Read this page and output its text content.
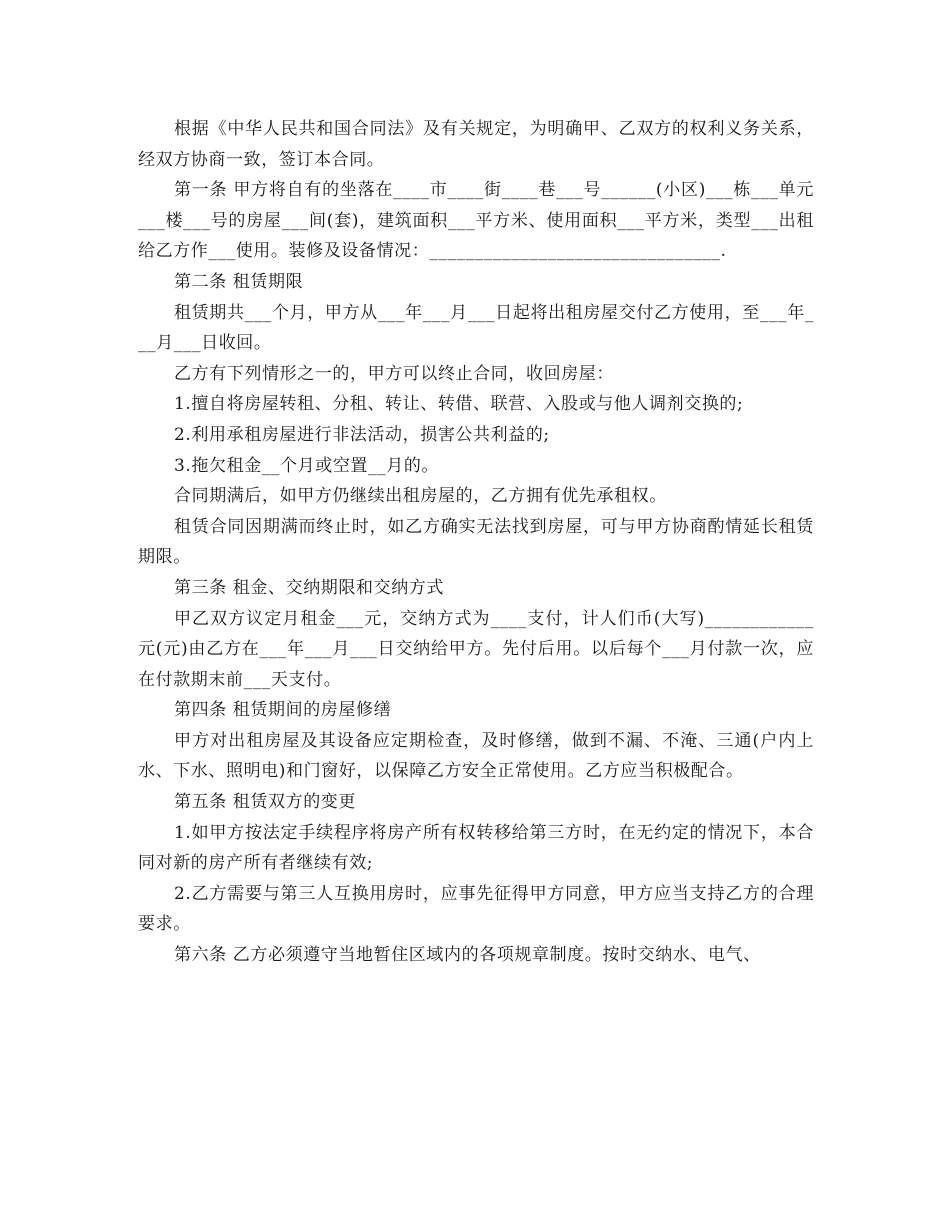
根据《中华人民共和国合同法》及有关规定，为明确甲、乙双方的权利义务关系，经双方协商一致，签订本合同。

第一条 甲方将自有的坐落在____市____街____巷___号______(小区)___栋___单元___楼___号的房屋___间(套)，建筑面积___平方米、使用面积___平方米，类型___出租给乙方作___使用。装修及设备情况：________________________________.

第二条 租赁期限

租赁期共___个月，甲方从___年___月___日起将出租房屋交付乙方使用，至___年___月___日收回。

乙方有下列情形之一的，甲方可以终止合同，收回房屋：

1.擅自将房屋转租、分租、转让、转借、联营、入股或与他人调剂交换的;

2.利用承租房屋进行非法活动，损害公共利益的;

3.拖欠租金__个月或空置__月的。

合同期满后，如甲方仍继续出租房屋的，乙方拥有优先承租权。

租赁合同因期满而终止时，如乙方确实无法找到房屋，可与甲方协商酌情延长租赁期限。

第三条 租金、交纳期限和交纳方式

甲乙双方议定月租金___元，交纳方式为____支付，计人们币(大写)____________元(元)由乙方在___年___月___日交纳给甲方。先付后用。以后每个___月付款一次，应在付款期末前___天支付。

第四条 租赁期间的房屋修缮

甲方对出租房屋及其设备应定期检查，及时修缮，做到不漏、不淹、三通(户内上水、下水、照明电)和门窗好，以保障乙方安全正常使用。乙方应当积极配合。

第五条 租赁双方的变更

1.如甲方按法定手续程序将房产所有权转移给第三方时，在无约定的情况下，本合同对新的房产所有者继续有效;

2.乙方需要与第三人互换用房时，应事先征得甲方同意，甲方应当支持乙方的合理要求。

第六条 乙方必须遵守当地暂住区域内的各项规章制度。按时交纳水、电气、
